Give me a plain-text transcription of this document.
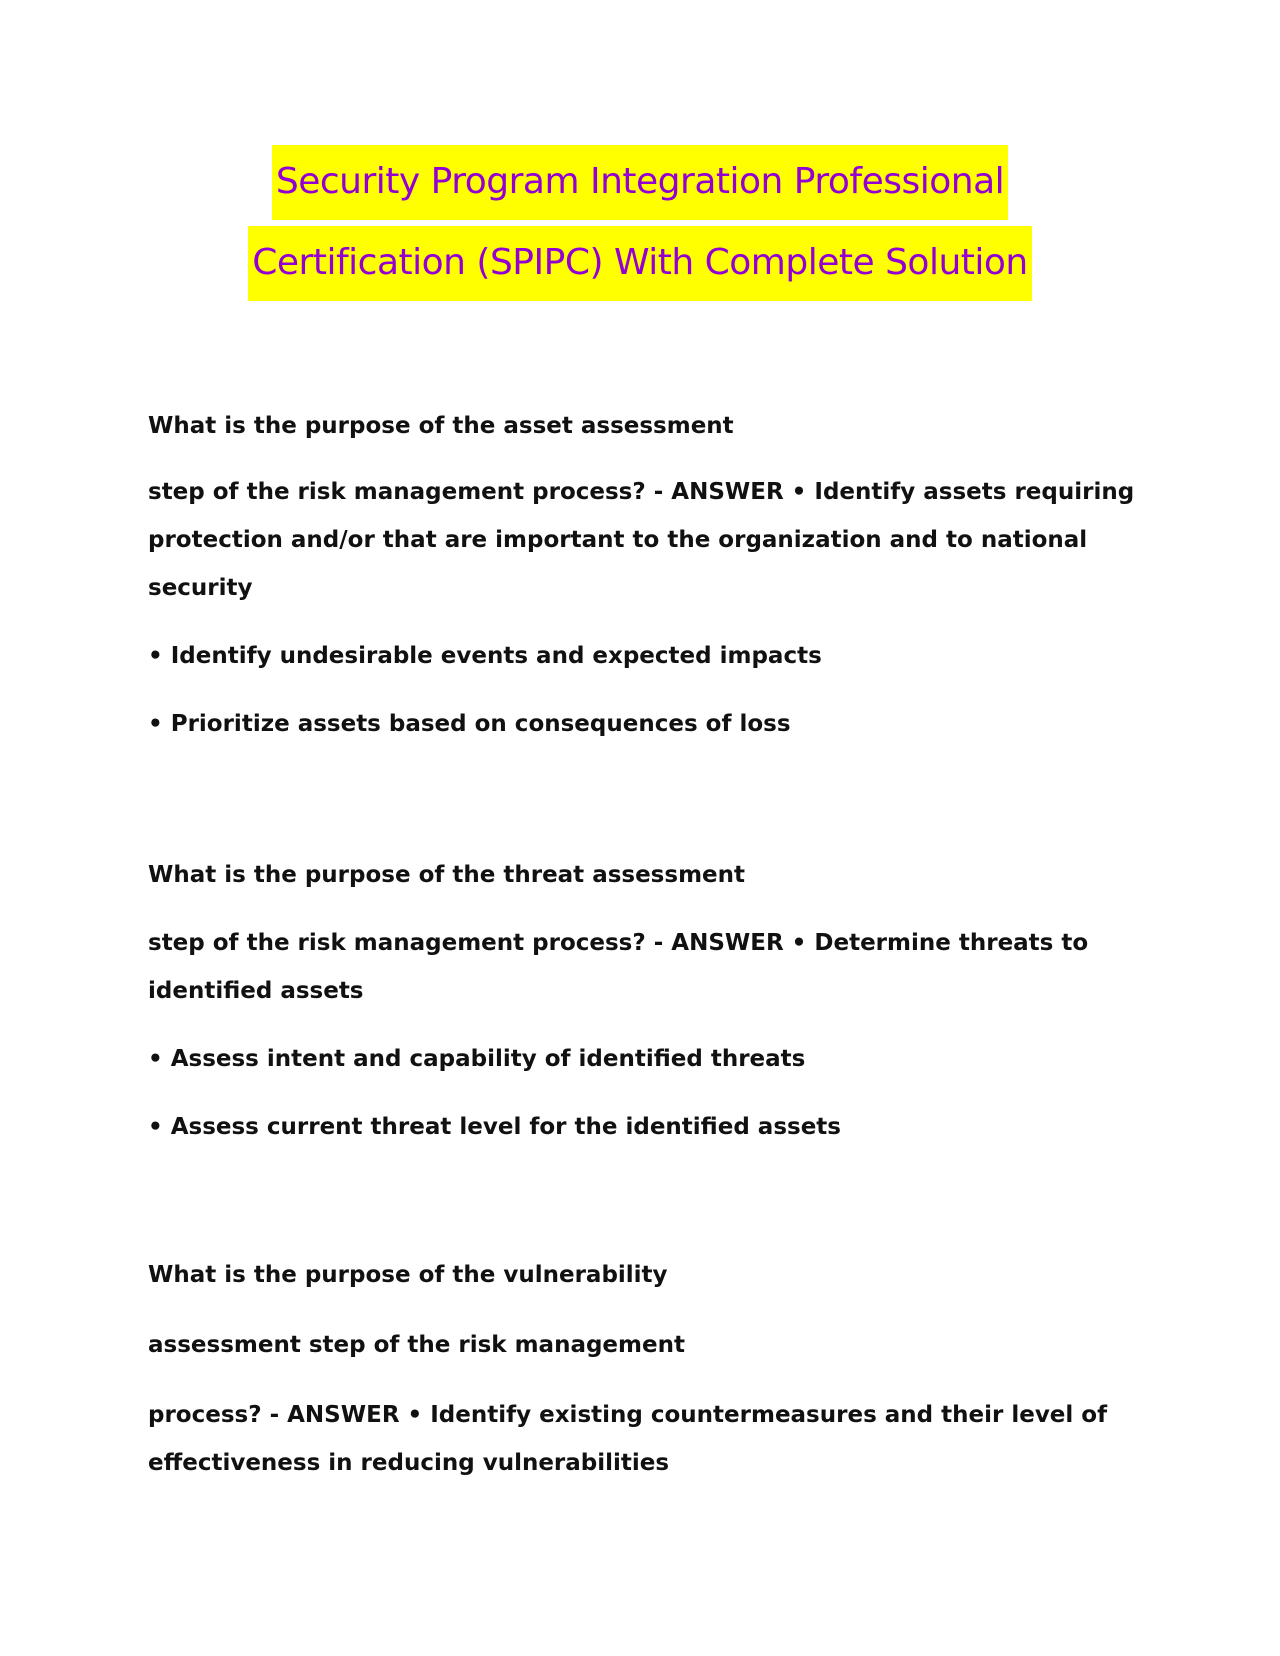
Security Program Integration Professional
Certification (SPIPC) With Complete Solution

What is the purpose of the asset assessment

step of the risk management process? - ANSWER • Identify assets requiring

protection and/or that are important to the organization and to national

security

• Identify undesirable events and expected impacts

• Prioritize assets based on consequences of loss

What is the purpose of the threat assessment

step of the risk management process? - ANSWER • Determine threats to

identified assets

• Assess intent and capability of identified threats

• Assess current threat level for the identified assets

What is the purpose of the vulnerability

assessment step of the risk management

process? - ANSWER • Identify existing countermeasures and their level of

effectiveness in reducing vulnerabilities
